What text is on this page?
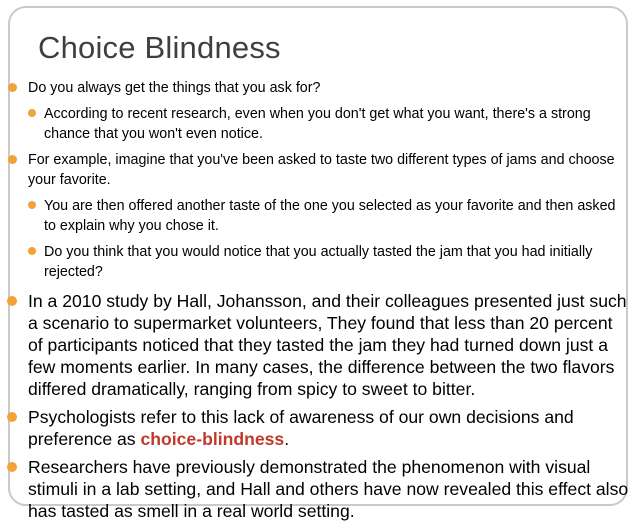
Choice Blindness

Do you always get the things that you ask for?

According to recent research, even when you don't get what you want, there's a strong chance that you won't even notice.

For example, imagine that you've been asked to taste two different types of jams and choose your favorite.

You are then offered another taste of the one you selected as your favorite and then asked to explain why you chose it.

Do you think that you would notice that you actually tasted the jam that you had initially rejected?

In a 2010 study by Hall, Johansson, and their colleagues presented just such a scenario to supermarket volunteers, They found that less than 20 percent of participants noticed that they tasted the jam they had turned down just a few moments earlier. In many cases, the difference between the two flavors differed dramatically, ranging from spicy to sweet to bitter.

Psychologists refer to this lack of awareness of our own decisions and preference as choice-blindness.

Researchers have previously demonstrated the phenomenon with visual stimuli in a lab setting, and Hall and others have now revealed this effect also has tasted as smell in a real world setting.
